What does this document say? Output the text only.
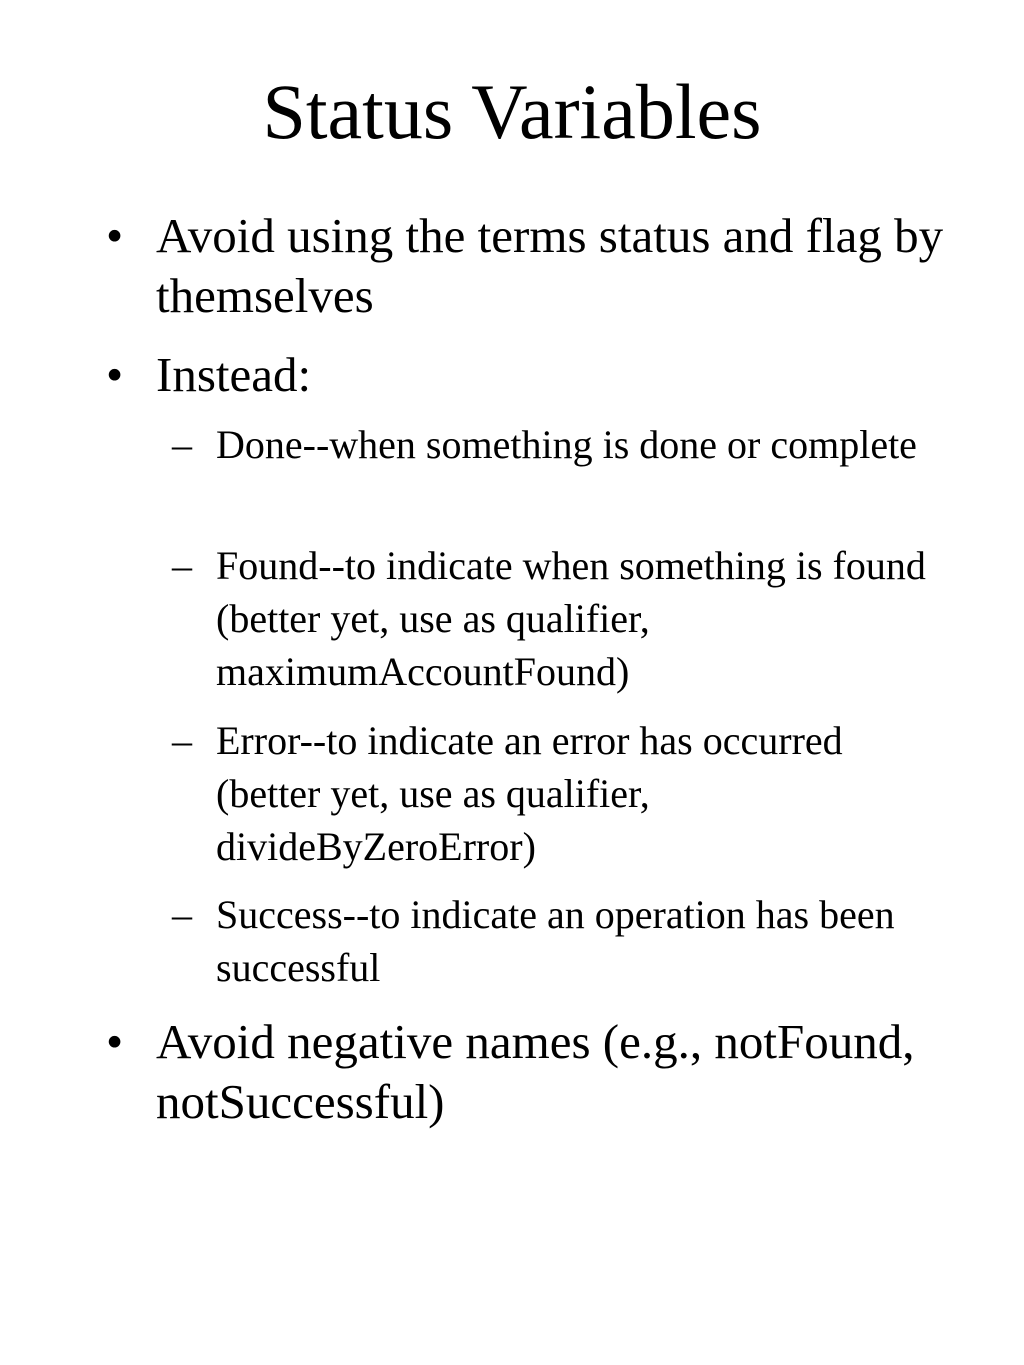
Status Variables
• Avoid using the terms status and flag by themselves
• Instead:
– Done--when something is done or complete
– Found--to indicate when something is found (better yet, use as qualifier, maximumAccountFound)
– Error--to indicate an error has occurred (better yet, use as qualifier, divideByZeroError)
– Success--to indicate an operation has been successful
• Avoid negative names (e.g., notFound, notSuccessful)
